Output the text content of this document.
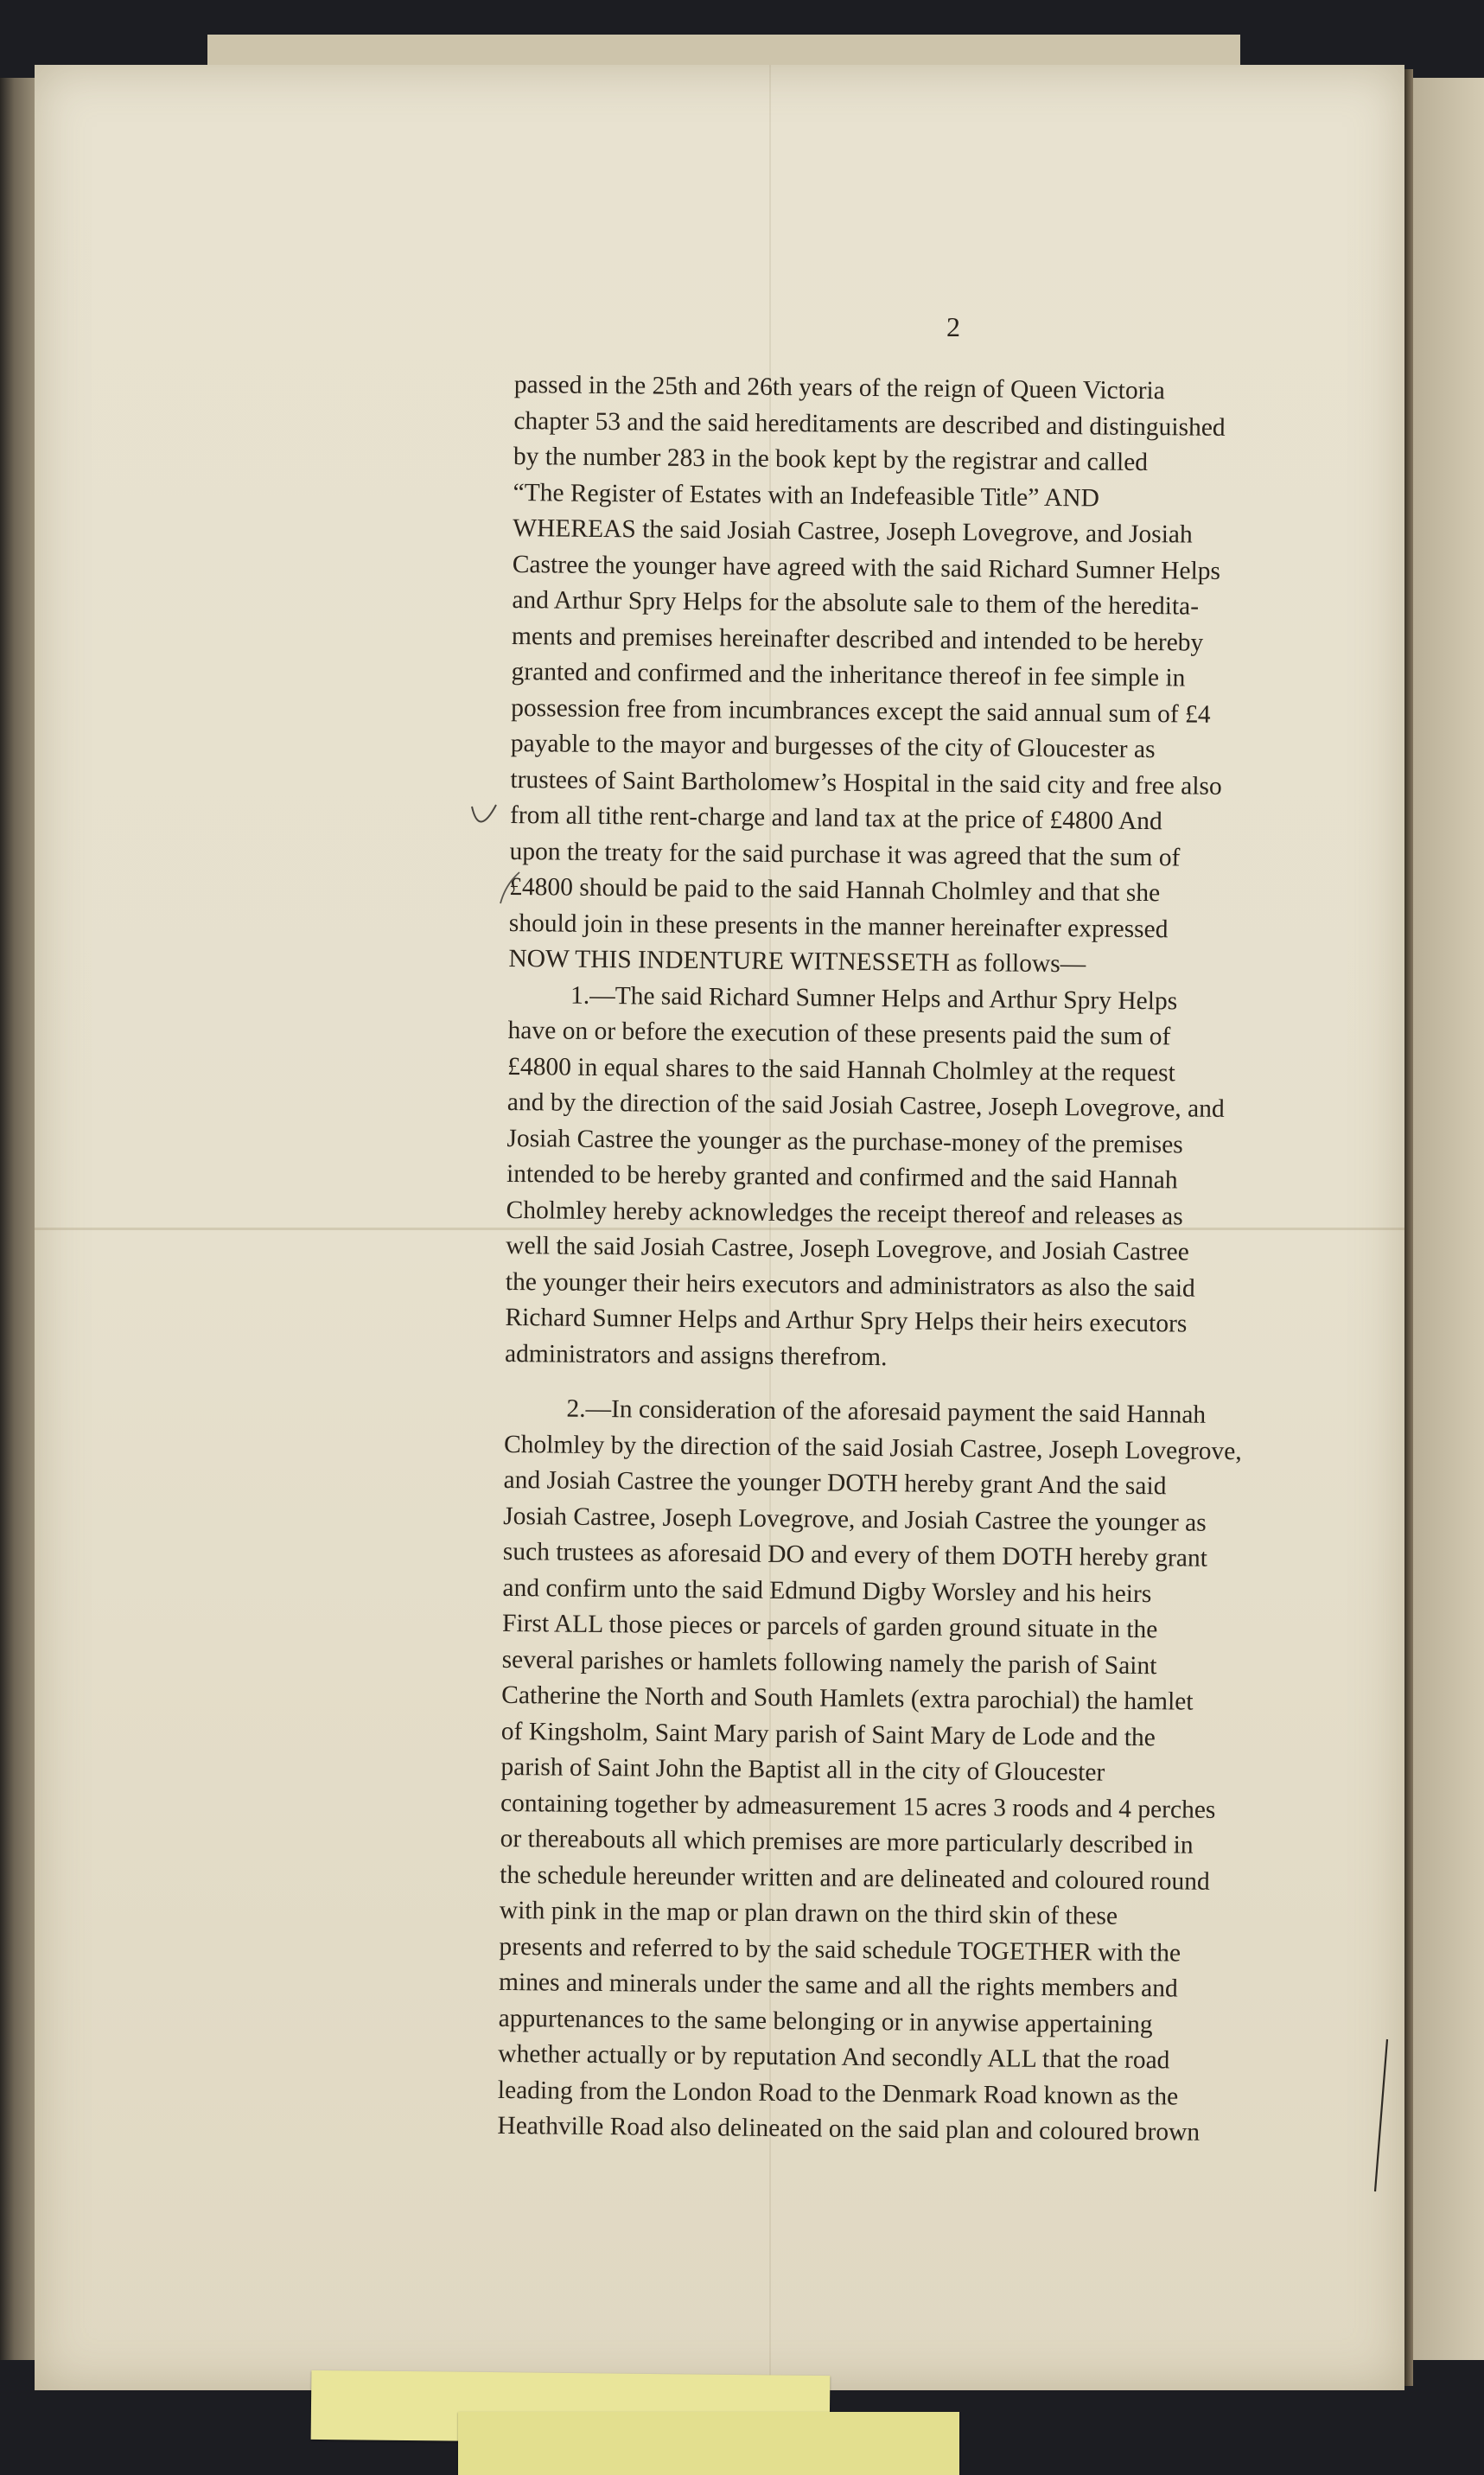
2
passed in the 25th and 26th years of the reign of Queen Victoria
chapter 53 and the said hereditaments are described and distinguished
by the number 283 in the book kept by the registrar and called
“The Register of Estates with an Indefeasible Title” AND
WHEREAS the said Josiah Castree, Joseph Lovegrove, and Josiah
Castree the younger have agreed with the said Richard Sumner Helps
and Arthur Spry Helps for the absolute sale to them of the heredita-
ments and premises hereinafter described and intended to be hereby
granted and confirmed and the inheritance thereof in fee simple in
possession free from incumbrances except the said annual sum of £4
payable to the mayor and burgesses of the city of Gloucester as
trustees of Saint Bartholomew’s Hospital in the said city and free also
from all tithe rent-charge and land tax at the price of £4800 And
upon the treaty for the said purchase it was agreed that the sum of
£4800 should be paid to the said Hannah Cholmley and that she
should join in these presents in the manner hereinafter expressed
NOW THIS INDENTURE WITNESSETH as follows—
1.—The said Richard Sumner Helps and Arthur Spry Helps
have on or before the execution of these presents paid the sum of
£4800 in equal shares to the said Hannah Cholmley at the request
and by the direction of the said Josiah Castree, Joseph Lovegrove, and
Josiah Castree the younger as the purchase-money of the premises
intended to be hereby granted and confirmed and the said Hannah
Cholmley hereby acknowledges the receipt thereof and releases as
well the said Josiah Castree, Joseph Lovegrove, and Josiah Castree
the younger their heirs executors and administrators as also the said
Richard Sumner Helps and Arthur Spry Helps their heirs executors
administrators and assigns therefrom.
2.—In consideration of the aforesaid payment the said Hannah
Cholmley by the direction of the said Josiah Castree, Joseph Lovegrove,
and Josiah Castree the younger DOTH hereby grant And the said
Josiah Castree, Joseph Lovegrove, and Josiah Castree the younger as
such trustees as aforesaid DO and every of them DOTH hereby grant
and confirm unto the said Edmund Digby Worsley and his heirs
First ALL those pieces or parcels of garden ground situate in the
several parishes or hamlets following namely the parish of Saint
Catherine the North and South Hamlets (extra parochial) the hamlet
of Kingsholm, Saint Mary parish of Saint Mary de Lode and the
parish of Saint John the Baptist all in the city of Gloucester
containing together by admeasurement 15 acres 3 roods and 4 perches
or thereabouts all which premises are more particularly described in
the schedule hereunder written and are delineated and coloured round
with pink in the map or plan drawn on the third skin of these
presents and referred to by the said schedule TOGETHER with the
mines and minerals under the same and all the rights members and
appurtenances to the same belonging or in anywise appertaining
whether actually or by reputation And secondly ALL that the road
leading from the London Road to the Denmark Road known as the
Heathville Road also delineated on the said plan and coloured brown
